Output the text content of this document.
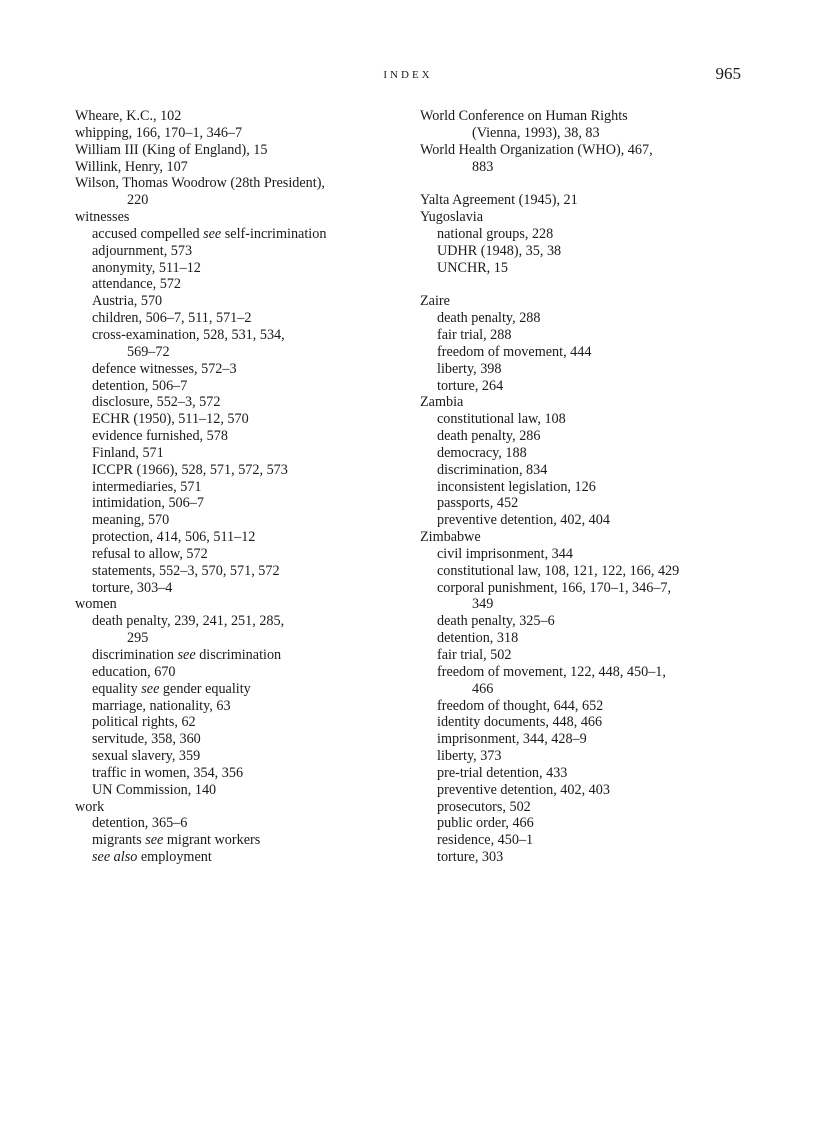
INDEX	965
Wheare, K.C., 102
whipping, 166, 170–1, 346–7
William III (King of England), 15
Willink, Henry, 107
Wilson, Thomas Woodrow (28th President),
220
witnesses
accused compelled see self-incrimination
adjournment, 573
anonymity, 511–12
attendance, 572
Austria, 570
children, 506–7, 511, 571–2
cross-examination, 528, 531, 534,
569–72
defence witnesses, 572–3
detention, 506–7
disclosure, 552–3, 572
ECHR (1950), 511–12, 570
evidence furnished, 578
Finland, 571
ICCPR (1966), 528, 571, 572, 573
intermediaries, 571
intimidation, 506–7
meaning, 570
protection, 414, 506, 511–12
refusal to allow, 572
statements, 552–3, 570, 571, 572
torture, 303–4
women
death penalty, 239, 241, 251, 285,
295
discrimination see discrimination
education, 670
equality see gender equality
marriage, nationality, 63
political rights, 62
servitude, 358, 360
sexual slavery, 359
traffic in women, 354, 356
UN Commission, 140
work
detention, 365–6
migrants see migrant workers
see also employment
World Conference on Human Rights
(Vienna, 1993), 38, 83
World Health Organization (WHO), 467,
883
Yalta Agreement (1945), 21
Yugoslavia
national groups, 228
UDHR (1948), 35, 38
UNCHR, 15
Zaire
death penalty, 288
fair trial, 288
freedom of movement, 444
liberty, 398
torture, 264
Zambia
constitutional law, 108
death penalty, 286
democracy, 188
discrimination, 834
inconsistent legislation, 126
passports, 452
preventive detention, 402, 404
Zimbabwe
civil imprisonment, 344
constitutional law, 108, 121, 122, 166, 429
corporal punishment, 166, 170–1, 346–7,
349
death penalty, 325–6
detention, 318
fair trial, 502
freedom of movement, 122, 448, 450–1,
466
freedom of thought, 644, 652
identity documents, 448, 466
imprisonment, 344, 428–9
liberty, 373
pre-trial detention, 433
preventive detention, 402, 403
prosecutors, 502
public order, 466
residence, 450–1
torture, 303
